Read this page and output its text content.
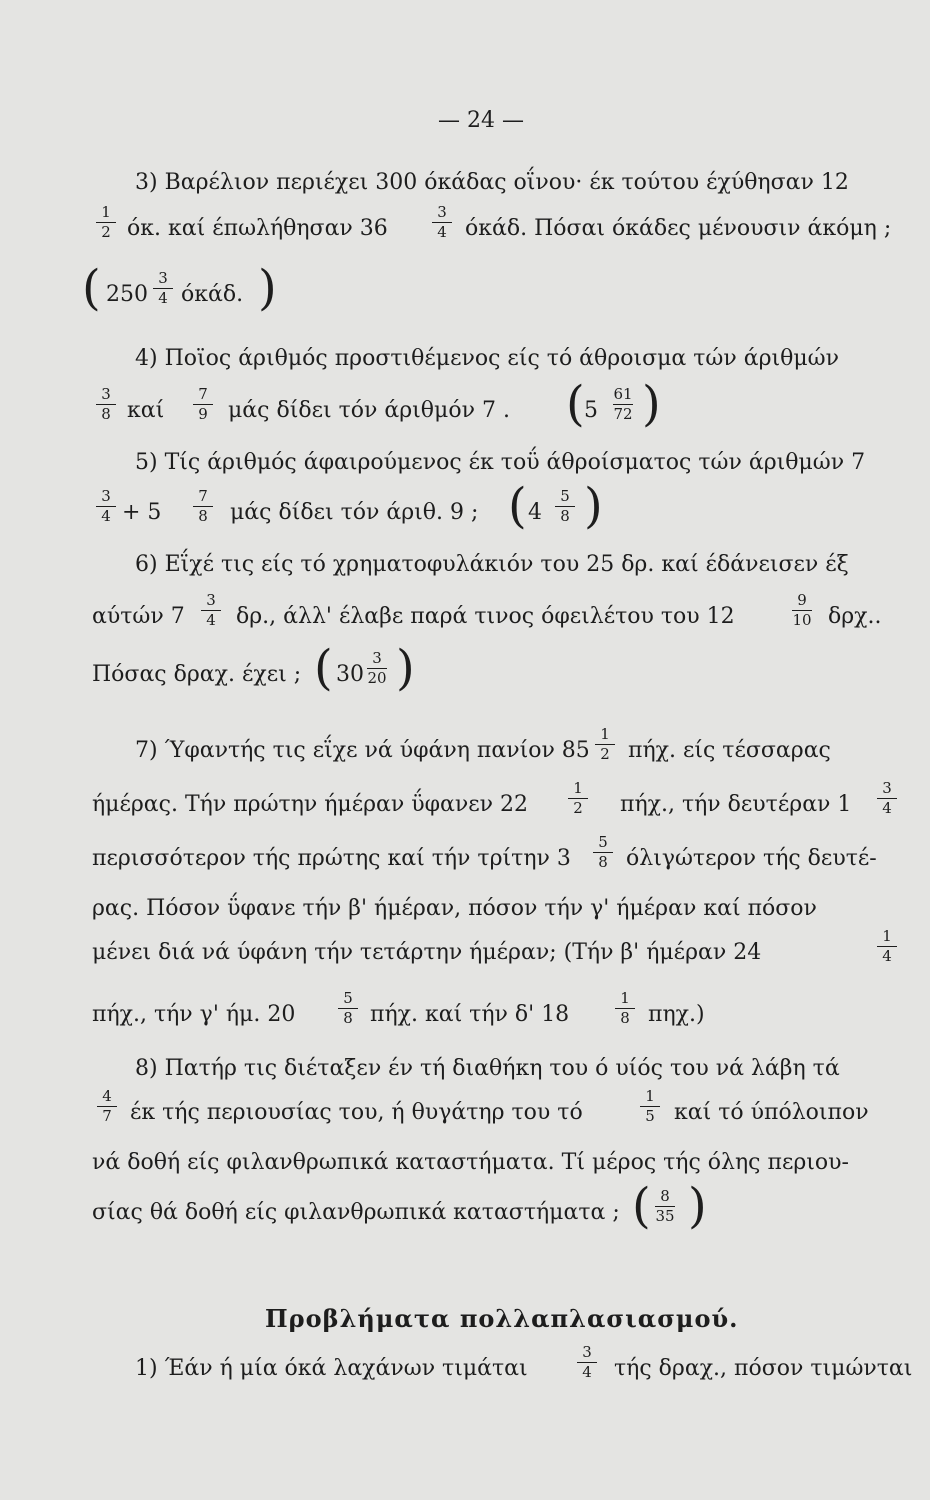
— 24 —
3) Βαρέλιον περιέχει 300 όκάδας οΐνου· έκ τούτου έχύθησαν 12
1
2 όκ. καί έπωλήθησαν 36
3
4 όκάδ. Πόσαι όκάδες μένουσιν άκόμη ;
( 250
3
4 όκάδ. )
4) Ποϊος άριθμός προστιθέμενος είς τό άθροισμα τών άριθμών
3
8 καί
7
9 μάς δίδει τόν άριθμόν 7 . ( 5
61
72 )
5) Τίς άριθμός άφαιρούμενος έκ τοΰ άθροίσματος τών άριθμών 7
3
4 + 5
7
8	μάς δίδει τόν άριθ. 9 ; ( 4
5
8 )
6) Εΐχέ τις είς τό χρηματοφυλάκιόν του 25 δρ. καί έδάνεισεν έξ
αύτών 7
3
4 δρ., άλλ' έλαβε παρά τινος όφειλέτου του 12
9
10 δρχ..
Πόσας δραχ. έχει ; ( 30
3
20 )
7) Ύφαντής τις εΐχε νά ύφάνη πανίον 85
1
2 πήχ. είς τέσσαρας
ήμέρας. Τήν πρώτην ήμέραν ΰφανεν 22
1
2	πήχ., τήν δευτέραν 1
3
4
περισσότερον τής πρώτης καί τήν τρίτην 3
5
8 όλιγώτερον τής δευτέ-
ρας. Πόσον ΰφανε τήν β' ήμέραν, πόσον τήν γ' ήμέραν καί πόσον
μένει διά νά ύφάνη τήν τετάρτην ήμέραν; (Τήν β' ήμέραν 24
1
4
πήχ., τήν γ' ήμ. 20
5
8 πήχ. καί τήν δ' 18
1
8 πηχ.)
8) Πατήρ τις διέταξεν έν τή διαθήκη του ό υίός του νά λάβη τά
4
7 έκ τής περιουσίας του, ή θυγάτηρ του τό
1
5 καί τό ύπόλοιπον
νά δοθή είς φιλανθρωπικά καταστήματα. Τί μέρος τής όλης περιου-
σίας θά δοθή είς φιλανθρωπικά καταστήματα ; ( 8
35 )
Προβλήματα πολλαπλασιασμού.
1) Έάν ή μία όκά λαχάνων τιμάται
3
4	τής δραχ., πόσον τιμώνται
